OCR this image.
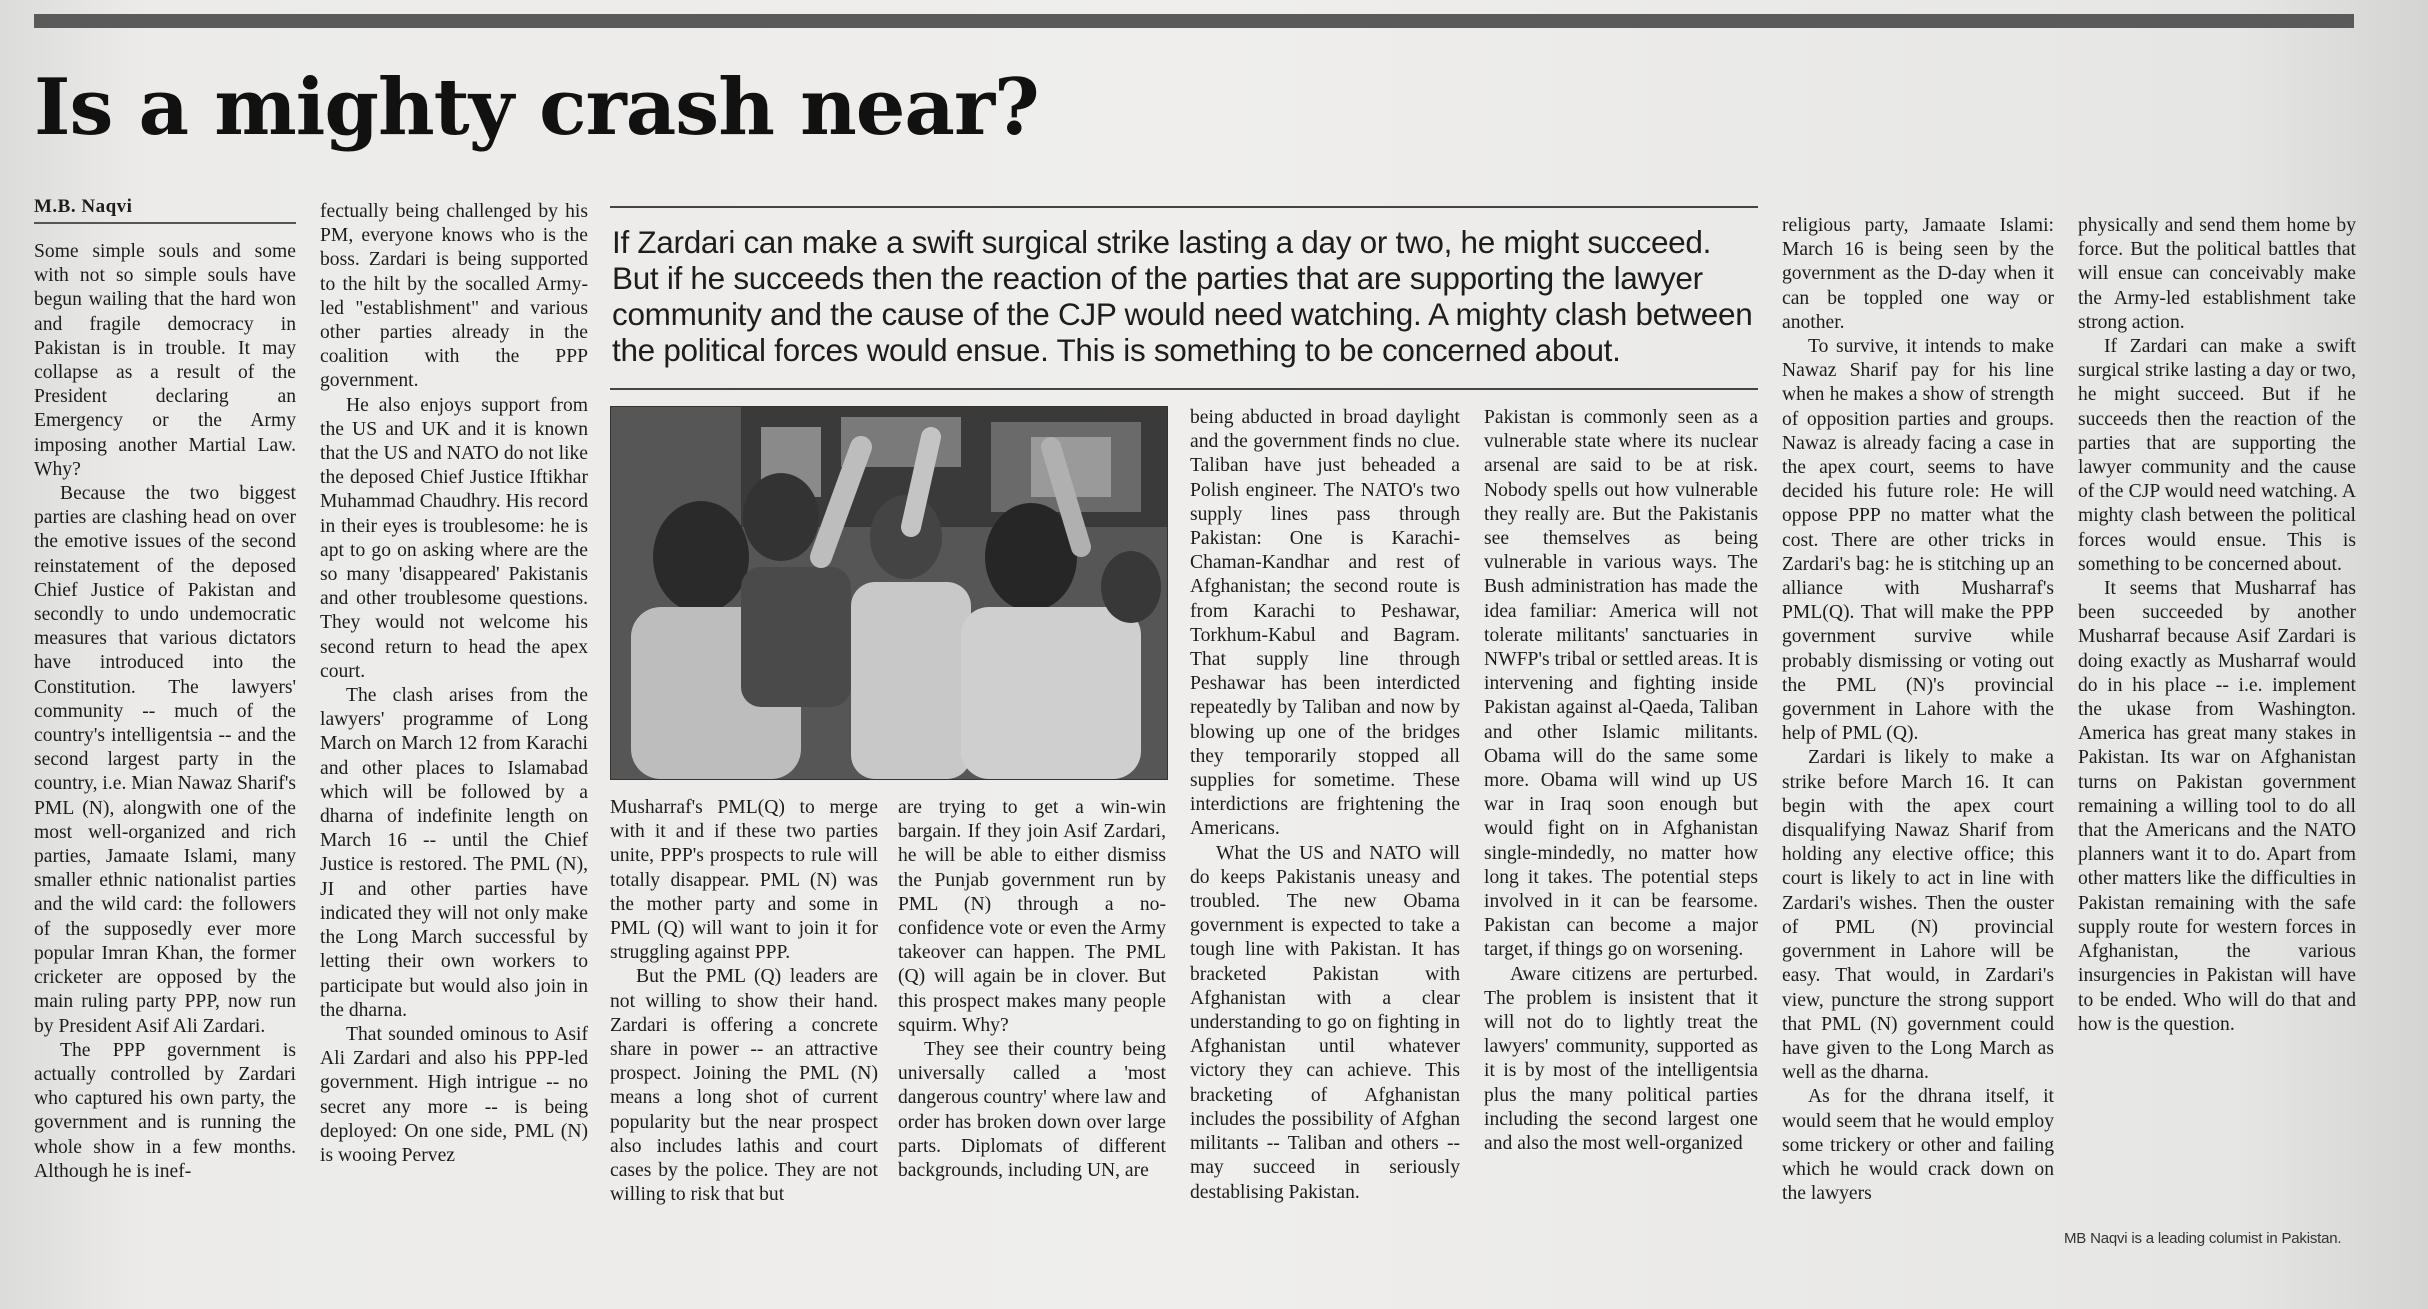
Is a mighty crash near?
M.B. Naqvi

Some simple souls and some with not so simple souls have begun wailing that the hard won and fragile democracy in Pakistan is in trouble. It may collapse as a result of the President declaring an Emergency or the Army imposing another Martial Law. Why?

Because the two biggest parties are clashing head on over the emotive issues of the second reinstatement of the deposed Chief Justice of Pakistan and secondly to undo undemocratic measures that various dictators have introduced into the Constitution. The lawyers' community -- much of the country's intelligentsia -- and the second largest party in the country, i.e. Mian Nawaz Sharif's PML (N), alongwith one of the most well-organized and rich parties, Jamaate Islami, many smaller ethnic nationalist parties and the wild card: the followers of the supposedly ever more popular Imran Khan, the former cricketer are opposed by the main ruling party PPP, now run by President Asif Ali Zardari.

The PPP government is actually controlled by Zardari who captured his own party, the government and is running the whole show in a few months. Although he is inef-

fectually being challenged by his PM, everyone knows who is the boss. Zardari is being supported to the hilt by the socalled Army-led "establishment" and various other parties already in the coalition with the PPP government.

He also enjoys support from the US and UK and it is known that the US and NATO do not like the deposed Chief Justice Iftikhar Muhammad Chaudhry. His record in their eyes is troublesome: he is apt to go on asking where are the so many 'disappeared' Pakistanis and other troublesome questions. They would not welcome his second return to head the apex court.

The clash arises from the lawyers' programme of Long March on March 12 from Karachi and other places to Islamabad which will be followed by a dharna of indefinite length on March 16 -- until the Chief Justice is restored. The PML (N), JI and other parties have indicated they will not only make the Long March successful by letting their own workers to participate but would also join in the dharna.

That sounded ominous to Asif Ali Zardari and also his PPP-led government. High intrigue -- no secret any more -- is being deployed: On one side, PML (N) is wooing Pervez

If Zardari can make a swift surgical strike lasting a day or two, he might succeed. But if he succeeds then the reaction of the parties that are supporting the lawyer community and the cause of the CJP would need watching. A mighty clash between the political forces would ensue. This is something to be concerned about.

Musharraf's PML(Q) to merge with it and if these two parties unite, PPP's prospects to rule will totally disappear. PML (N) was the mother party and some in PML (Q) will want to join it for struggling against PPP.

But the PML (Q) leaders are not willing to show their hand. Zardari is offering a concrete share in power -- an attractive prospect. Joining the PML (N) means a long shot of current popularity but the near prospect also includes lathis and court cases by the police. They are not willing to risk that but

are trying to get a win-win bargain. If they join Asif Zardari, he will be able to either dismiss the Punjab government run by PML (N) through a no-confidence vote or even the Army takeover can happen. The PML (Q) will again be in clover. But this prospect makes many people squirm. Why?

They see their country being universally called a 'most dangerous country' where law and order has broken down over large parts. Diplomats of different backgrounds, including UN, are

being abducted in broad daylight and the government finds no clue. Taliban have just beheaded a Polish engineer. The NATO's two supply lines pass through Pakistan: One is Karachi-Chaman-Kandhar and rest of Afghanistan; the second route is from Karachi to Peshawar, Torkhum-Kabul and Bagram. That supply line through Peshawar has been interdicted repeatedly by Taliban and now by blowing up one of the bridges they temporarily stopped all supplies for sometime. These interdictions are frightening the Americans.

What the US and NATO will do keeps Pakistanis uneasy and troubled. The new Obama government is expected to take a tough line with Pakistan. It has bracketed Pakistan with Afghanistan with a clear understanding to go on fighting in Afghanistan until whatever victory they can achieve. This bracketing of Afghanistan includes the possibility of Afghan militants -- Taliban and others -- may succeed in seriously destablising Pakistan.

Pakistan is commonly seen as a vulnerable state where its nuclear arsenal are said to be at risk. Nobody spells out how vulnerable they really are. But the Pakistanis see themselves as being vulnerable in various ways. The Bush administration has made the idea familiar: America will not tolerate militants' sanctuaries in NWFP's tribal or settled areas. It is intervening and fighting inside Pakistan against al-Qaeda, Taliban and other Islamic militants. Obama will do the same some more. Obama will wind up US war in Iraq soon enough but would fight on in Afghanistan single-mindedly, no matter how long it takes. The potential steps involved in it can be fearsome. Pakistan can become a major target, if things go on worsening.

Aware citizens are perturbed. The problem is insistent that it will not do to lightly treat the lawyers' community, supported as it is by most of the intelligentsia plus the many political parties including the second largest one and also the most well-organized

religious party, Jamaate Islami: March 16 is being seen by the government as the D-day when it can be toppled one way or another.

To survive, it intends to make Nawaz Sharif pay for his line when he makes a show of strength of opposition parties and groups. Nawaz is already facing a case in the apex court, seems to have decided his future role: He will oppose PPP no matter what the cost. There are other tricks in Zardari's bag: he is stitching up an alliance with Musharraf's PML(Q). That will make the PPP government survive while probably dismissing or voting out the PML (N)'s provincial government in Lahore with the help of PML (Q).

Zardari is likely to make a strike before March 16. It can begin with the apex court disqualifying Nawaz Sharif from holding any elective office; this court is likely to act in line with Zardari's wishes. Then the ouster of PML (N) provincial government in Lahore will be easy. That would, in Zardari's view, puncture the strong support that PML (N) government could have given to the Long March as well as the dharna.

As for the dhrana itself, it would seem that he would employ some trickery or other and failing which he would crack down on the lawyers

physically and send them home by force. But the political battles that will ensue can conceivably make the Army-led establishment take strong action.

If Zardari can make a swift surgical strike lasting a day or two, he might succeed. But if he succeeds then the reaction of the parties that are supporting the lawyer community and the cause of the CJP would need watching. A mighty clash between the political forces would ensue. This is something to be concerned about.

It seems that Musharraf has been succeeded by another Musharraf because Asif Zardari is doing exactly as Musharraf would do in his place -- i.e. implement the ukase from Washington. America has great many stakes in Pakistan. Its war on Afghanistan turns on Pakistan government remaining a willing tool to do all that the Americans and the NATO planners want it to do. Apart from other matters like the difficulties in Pakistan remaining with the safe supply route for western forces in Afghanistan, the various insurgencies in Pakistan will have to be ended. Who will do that and how is the question.

MB Naqvi is a leading columist in Pakistan.
